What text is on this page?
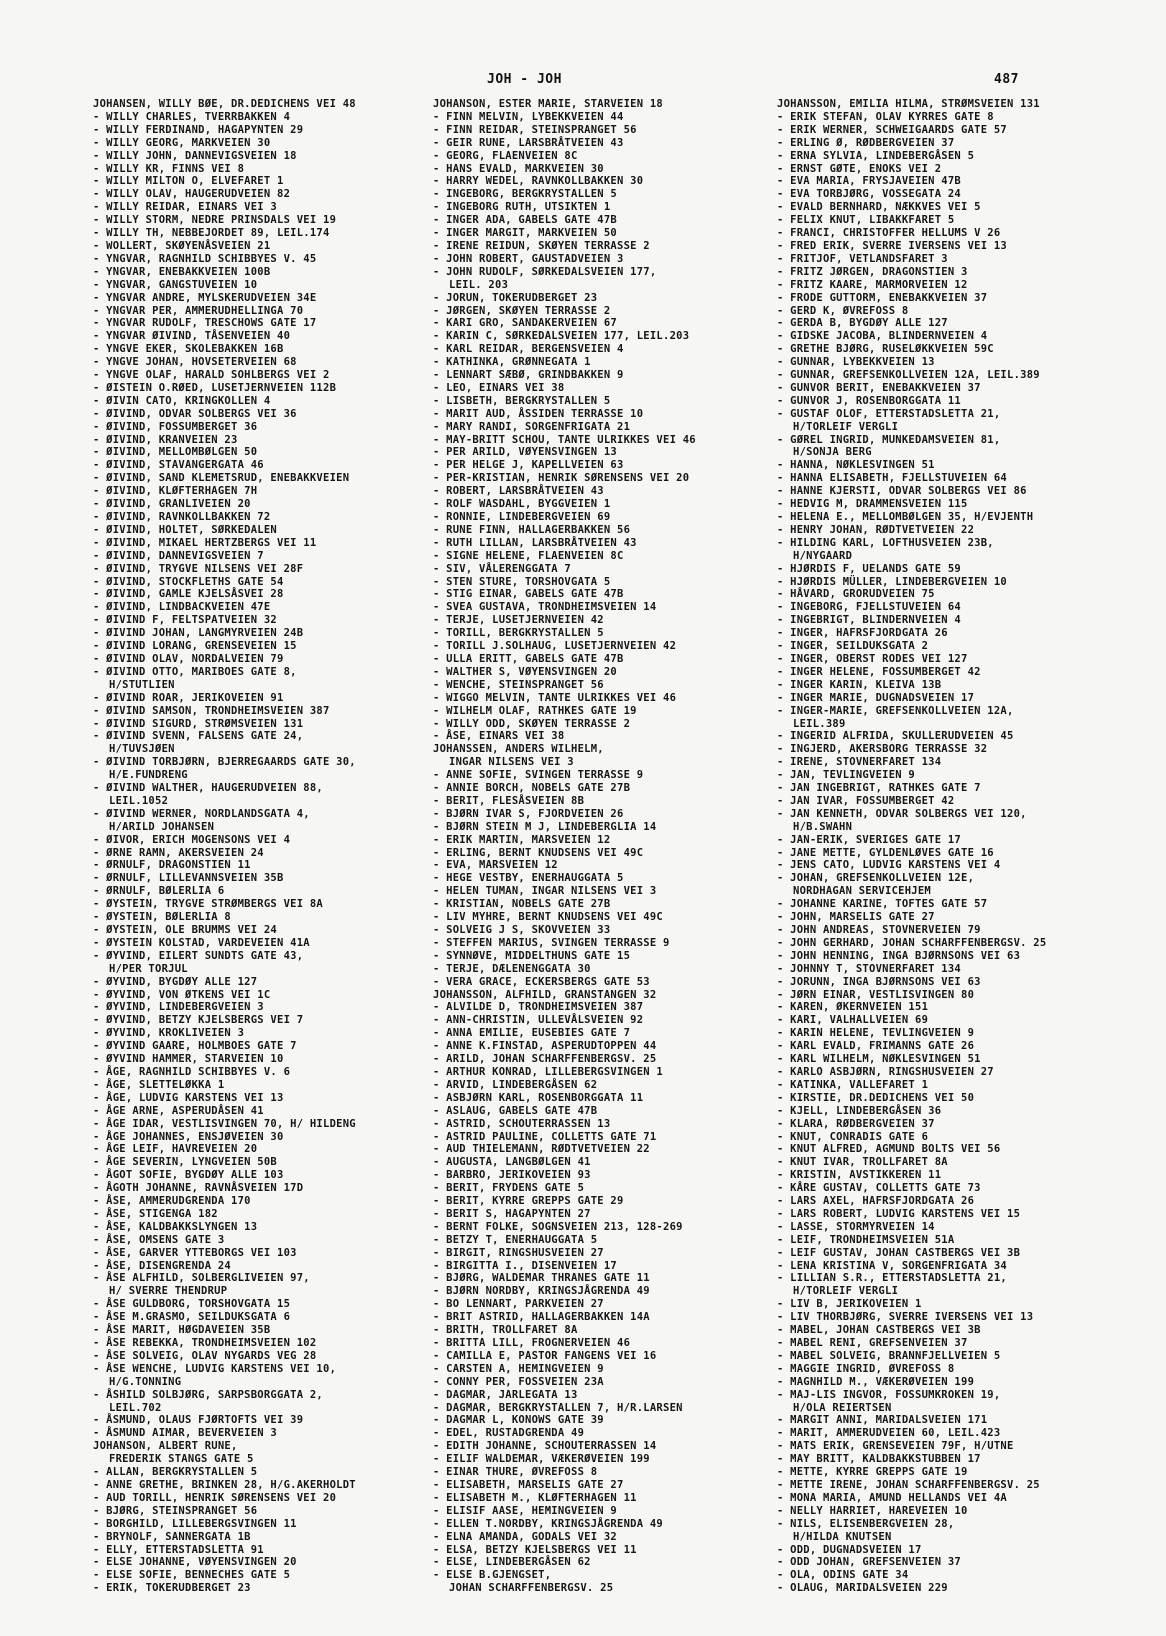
JOH - JOH	487
JOHANSEN, WILLY BØE, DR.DEDICHENS VEI 48
- WILLY CHARLES, TVERRBAKKEN 4
- WILLY FERDINAND, HAGAPYNTEN 29
- WILLY GEORG, MARKVEIEN 30
- WILLY JOHN, DANNEVIGSVEIEN 18
- WILLY KR, FINNS VEI 8
- WILLY MILTON O, ELVEFARET 1
- WILLY OLAV, HAUGERUDVEIEN 82
- WILLY REIDAR, EINARS VEI 3
- WILLY STORM, NEDRE PRINSDALS VEI 19
- WILLY TH, NEBBEJORDET 89, LEIL.174
- WOLLERT, SKØYENÅSVEIEN 21
- YNGVAR, RAGNHILD SCHIBBYES V. 45
- YNGVAR, ENEBAKKVEIEN 100B
- YNGVAR, GANGSTUVEIEN 10
- YNGVAR ANDRE, MYLSKERUDVEIEN 34E
- YNGVAR PER, AMMERUDHELLINGA 70
- YNGVAR RUDOLF, TRESCHOWS GATE 17
- YNGVAR ØIVIND, TÅSENVEIEN 40
- YNGVE EKER, SKOLEBAKKEN 16B
- YNGVE JOHAN, HOVSETERVEIEN 68
- YNGVE OLAF, HARALD SOHLBERGS VEI 2
- ØISTEIN O.RØED, LUSETJERNVEIEN 112B
- ØIVIN CATO, KRINGKOLLEN 4
- ØIVIND, ODVAR SOLBERGS VEI 36
- ØIVIND, FOSSUMBERGET 36
- ØIVIND, KRANVEIEN 23
- ØIVIND, MELLOMBØLGEN 50
- ØIVIND, STAVANGERGATA 46
- ØIVIND, SAND KLEMETSRUD, ENEBAKKVEIEN
- ØIVIND, KLØFTERHAGEN 7H
- ØIVIND, GRANLIVEIEN 20
- ØIVIND, RAVNKOLLBAKKEN 72
- ØIVIND, HOLTET, SØRKEDALEN
- ØIVIND, MIKAEL HERTZBERGS VEI 11
- ØIVIND, DANNEVIGSVEIEN 7
- ØIVIND, TRYGVE NILSENS VEI 28F
- ØIVIND, STOCKFLETHS GATE 54
- ØIVIND, GAMLE KJELSÅSVEI 28
- ØIVIND, LINDBACKVEIEN 47E
- ØIVIND F, FELTSPATVEIEN 32
- ØIVIND JOHAN, LANGMYRVEIEN 24B
- ØIVIND LORANG, GRENSEVEIEN 15
- ØIVIND OLAV, NORDALVEIEN 79
- ØIVIND OTTO, MARIBOES GATE 8,
H/STUTLIEN
- ØIVIND ROAR, JERIKOVEIEN 91
- ØIVIND SAMSON, TRONDHEIMSVEIEN 387
- ØIVIND SIGURD, STRØMSVEIEN 131
- ØIVIND SVENN, FALSENS GATE 24,
H/TUVSJØEN
- ØIVIND TORBJØRN, BJERREGAARDS GATE 30,
H/E.FUNDRENG
- ØIVIND WALTHER, HAUGERUDVEIEN 88,
LEIL.1052
- ØIVIND WERNER, NORDLANDSGATA 4,
H/ARILD JOHANSEN
- ØIVOR, ERICH MOGENSONS VEI 4
- ØRNE RAMN, AKERSVEIEN 24
- ØRNULF, DRAGONSTIEN 11
- ØRNULF, LILLEVANNSVEIEN 35B
- ØRNULF, BØLERLIA 6
- ØYSTEIN, TRYGVE STRØMBERGS VEI 8A
- ØYSTEIN, BØLERLIA 8
- ØYSTEIN, OLE BRUMMS VEI 24
- ØYSTEIN KOLSTAD, VARDEVEIEN 41A
- ØYVIND, EILERT SUNDTS GATE 43,
H/PER TORJUL
- ØYVIND, BYGDØY ALLE 127
- ØYVIND, VON ØTKENS VEI 1C
- ØYVIND, LINDEBERGVEIEN 3
- ØYVIND, BETZY KJELSBERGS VEI 7
- ØYVIND, KROKLIVEIEN 3
- ØYVIND GAARE, HOLMBOES GATE 7
- ØYVIND HAMMER, STARVEIEN 10
- ÅGE, RAGNHILD SCHIBBYES V. 6
- ÅGE, SLETTELØKKA 1
- ÅGE, LUDVIG KARSTENS VEI 13
- ÅGE ARNE, ASPERUDÅSEN 41
- ÅGE IDAR, VESTLISVINGEN 70, H/ HILDENG
- ÅGE JOHANNES, ENSJØVEIEN 30
- ÅGE LEIF, HAVREVEIEN 20
- ÅGE SEVERIN, LYNGVEIEN 50B
- ÅGOT SOFIE, BYGDØY ALLE 103
- ÅGOTH JOHANNE, RAVNÅSVEIEN 17D
- ÅSE, AMMERUDGRENDA 170
- ÅSE, STIGENGA 182
- ÅSE, KALDBAKKSLYNGEN 13
- ÅSE, OMSENS GATE 3
- ÅSE, GARVER YTTEBORGS VEI 103
- ÅSE, DISENGRENDA 24
- ÅSE ALFHILD, SOLBERGLIVEIEN 97,
H/ SVERRE THENDRUP
- ÅSE GULDBORG, TORSHOVGATA 15
- ÅSE M.GRASMO, SEILDUKSGATA 6
- ÅSE MARIT, HØGDAVEIEN 35B
- ÅSE REBEKKA, TRONDHEIMSVEIEN 102
- ÅSE SOLVEIG, OLAV NYGARDS VEG 28
- ÅSE WENCHE, LUDVIG KARSTENS VEI 10,
H/G.TONNING
- ÅSHILD SOLBJØRG, SARPSBORGGATA 2,
LEIL.702
- ÅSMUND, OLAUS FJØRTOFTS VEI 39
- ÅSMUND AIMAR, BEVERVEIEN 3
JOHANSON, ALBERT RUNE,
FREDERIK STANGS GATE 5
- ALLAN, BERGKRYSTALLEN 5
- ANNE GRETHE, BRINKEN 28, H/G.AKERHOLDT
- AUD TORILL, HENRIK SØRENSENS VEI 20
- BJØRG, STEINSPRANGET 56
- BORGHILD, LILLEBERGSVINGEN 11
- BRYNOLF, SANNERGATA 1B
- ELLY, ETTERSTADSLETTA 91
- ELSE JOHANNE, VØYENSVINGEN 20
- ELSE SOFIE, BENNECHES GATE 5
- ERIK, TOKERUDBERGET 23
JOHANSON, ESTER MARIE, STARVEIEN 18
- FINN MELVIN, LYBEKKVEIEN 44
- FINN REIDAR, STEINSPRANGET 56
- GEIR RUNE, LARSBRÅTVEIEN 43
- GEORG, FLAENVEIEN 8C
- HANS EVALD, MARKVEIEN 30
- HARRY WEDEL, RAVNKOLLBAKKEN 30
- INGEBORG, BERGKRYSTALLEN 5
- INGEBORG RUTH, UTSIKTEN 1
- INGER ADA, GABELS GATE 47B
- INGER MARGIT, MARKVEIEN 50
- IRENE REIDUN, SKØYEN TERRASSE 2
- JOHN ROBERT, GAUSTADVEIEN 3
- JOHN RUDOLF, SØRKEDALSVEIEN 177,
LEIL. 203
- JORUN, TOKERUDBERGET 23
- JØRGEN, SKØYEN TERRASSE 2
- KARI GRO, SANDAKERVEIEN 67
- KARIN C, SØRKEDALSVEIEN 177, LEIL.203
- KARL REIDAR, BERGENSVEIEN 4
- KATHINKA, GRØNNEGATA 1
- LENNART SÆBØ, GRINDBAKKEN 9
- LEO, EINARS VEI 38
- LISBETH, BERGKRYSTALLEN 5
- MARIT AUD, ÅSSIDEN TERRASSE 10
- MARY RANDI, SORGENFRIGATA 21
- MAY-BRITT SCHOU, TANTE ULRIKKES VEI 46
- PER ARILD, VØYENSVINGEN 13
- PER HELGE J, KAPELLVEIEN 63
- PER-KRISTIAN, HENRIK SØRENSENS VEI 20
- ROBERT, LARSBRÅTVEIEN 43
- ROLF WASDAHL, BYGGVEIEN 1
- RONNIE, LINDEBERGVEIEN 69
- RUNE FINN, HALLAGERBAKKEN 56
- RUTH LILLAN, LARSBRÅTVEIEN 43
- SIGNE HELENE, FLAENVEIEN 8C
- SIV, VÅLERENGGATA 7
- STEN STURE, TORSHOVGATA 5
- STIG EINAR, GABELS GATE 47B
- SVEA GUSTAVA, TRONDHEIMSVEIEN 14
- TERJE, LUSETJERNVEIEN 42
- TORILL, BERGKRYSTALLEN 5
- TORILL J.SOLHAUG, LUSETJERNVEIEN 42
- ULLA ERITT, GABELS GATE 47B
- WALTHER S, VØYENSVINGEN 20
- WENCHE, STEINSPRANGET 56
- WIGGO MELVIN, TANTE ULRIKKES VEI 46
- WILHELM OLAF, RATHKES GATE 19
- WILLY ODD, SKØYEN TERRASSE 2
- ÅSE, EINARS VEI 38
JOHANSSEN, ANDERS WILHELM,
INGAR NILSENS VEI 3
- ANNE SOFIE, SVINGEN TERRASSE 9
- ANNIE BORCH, NOBELS GATE 27B
- BERIT, FLESÅSVEIEN 8B
- BJØRN IVAR S, FJORDVEIEN 26
- BJØRN STEIN M J, LINDEBERGLIA 14
- ERIK MARTIN, MARSVEIEN 12
- ERLING, BERNT KNUDSENS VEI 49C
- EVA, MARSVEIEN 12
- HEGE VESTBY, ENERHAUGGATA 5
- HELEN TUMAN, INGAR NILSENS VEI 3
- KRISTIAN, NOBELS GATE 27B
- LIV MYHRE, BERNT KNUDSENS VEI 49C
- SOLVEIG J S, SKOVVEIEN 33
- STEFFEN MARIUS, SVINGEN TERRASSE 9
- SYNNØVE, MIDDELTHUNS GATE 15
- TERJE, DÆLENENGGATA 30
- VERA GRACE, ECKERSBERGS GATE 53
JOHANSSON, ALFHILD, GRANSTANGEN 32
- ALVILDE D, TRONDHEIMSVEIEN 387
- ANN-CHRISTIN, ULLEVÅLSVEIEN 92
- ANNA EMILIE, EUSEBIES GATE 7
- ANNE K.FINSTAD, ASPERUDTOPPEN 44
- ARILD, JOHAN SCHARFFENBERGSV. 25
- ARTHUR KONRAD, LILLEBERGSVINGEN 1
- ARVID, LINDEBERGÅSEN 62
- ASBJØRN KARL, ROSENBORGGATA 11
- ASLAUG, GABELS GATE 47B
- ASTRID, SCHOUTERRASSEN 13
- ASTRID PAULINE, COLLETTS GATE 71
- AUD THIELEMANN, RØDTVETVEIEN 22
- AUGUSTA, LANGBØLGEN 41
- BARBRO, JERIKOVEIEN 93
- BERIT, FRYDENS GATE 5
- BERIT, KYRRE GREPPS GATE 29
- BERIT S, HAGAPYNTEN 27
- BERNT FOLKE, SOGNSVEIEN 213, 128-269
- BETZY T, ENERHAUGGATA 5
- BIRGIT, RINGSHUSVEIEN 27
- BIRGITTA I., DISENVEIEN 17
- BJØRG, WALDEMAR THRANES GATE 11
- BJØRN NORDBY, KRINGSJÅGRENDA 49
- BO LENNART, PARKVEIEN 27
- BRIT ASTRID, HALLAGERBAKKEN 14A
- BRITH, TROLLFARET 8A
- BRITTA LILL, FROGNERVEIEN 46
- CAMILLA E, PASTOR FANGENS VEI 16
- CARSTEN A, HEMINGVEIEN 9
- CONNY PER, FOSSVEIEN 23A
- DAGMAR, JARLEGATA 13
- DAGMAR, BERGKRYSTALLEN 7, H/R.LARSEN
- DAGMAR L, KONOWS GATE 39
- EDEL, RUSTADGRENDA 49
- EDITH JOHANNE, SCHOUTERRASSEN 14
- EILIF WALDEMAR, VÆKERØVEIEN 199
- EINAR THURE, ØVREFOSS 8
- ELISABETH, MARSELIS GATE 27
- ELISABETH M., KLØFTERHAGEN 11
- ELISIF AASE, HEMINGVEIEN 9
- ELLEN T.NORDBY, KRINGSJÅGRENDA 49
- ELNA AMANDA, GODALS VEI 32
- ELSA, BETZY KJELSBERGS VEI 11
- ELSE, LINDEBERGÅSEN 62
- ELSE B.GJENGSET,
JOHAN SCHARFFENBERGSV. 25
JOHANSSON, EMILIA HILMA, STRØMSVEIEN 131
- ERIK STEFAN, OLAV KYRRES GATE 8
- ERIK WERNER, SCHWEIGAARDS GATE 57
- ERLING Ø, RØDBERGVEIEN 37
- ERNA SYLVIA, LINDEBERGÅSEN 5
- ERNST GØTE, ENOKS VEI 2
- EVA MARIA, FRYSJAVEIEN 47B
- EVA TORBJØRG, VOSSEGATA 24
- EVALD BERNHARD, NÆKKVES VEI 5
- FELIX KNUT, LIBAKKFARET 5
- FRANCI, CHRISTOFFER HELLUMS V 26
- FRED ERIK, SVERRE IVERSENS VEI 13
- FRITJOF, VETLANDSFARET 3
- FRITZ JØRGEN, DRAGONSTIEN 3
- FRITZ KAARE, MARMORVEIEN 12
- FRODE GUTTORM, ENEBAKKVEIEN 37
- GERD K, ØVREFOSS 8
- GERDA B, BYGDØY ALLE 127
- GIDSKE JACOBA, BLINDERNVEIEN 4
- GRETHE BJØRG, RUSELØKKVEIEN 59C
- GUNNAR, LYBEKKVEIEN 13
- GUNNAR, GREFSENKOLLVEIEN 12A, LEIL.389
- GUNVOR BERIT, ENEBAKKVEIEN 37
- GUNVOR J, ROSENBORGGATA 11
- GUSTAF OLOF, ETTERSTADSLETTA 21,
H/TORLEIF VERGLI
- GØREL INGRID, MUNKEDAMSVEIEN 81,
H/SONJA BERG
- HANNA, NØKLESVINGEN 51
- HANNA ELISABETH, FJELLSTUVEIEN 64
- HANNE KJERSTI, ODVAR SOLBERGS VEI 86
- HEDVIG M, DRAMMENSVEIEN 115
- HELENA E., MELLOMBØLGEN 35, H/EVJENTH
- HENRY JOHAN, RØDTVETVEIEN 22
- HILDING KARL, LOFTHUSVEIEN 23B,
H/NYGAARD
- HJØRDIS F, UELANDS GATE 59
- HJØRDIS MÜLLER, LINDEBERGVEIEN 10
- HÅVARD, GRORUDVEIEN 75
- INGEBORG, FJELLSTUVEIEN 64
- INGEBRIGT, BLINDERNVEIEN 4
- INGER, HAFRSFJORDGATA 26
- INGER, SEILDUKSGATA 2
- INGER, OBERST RODES VEI 127
- INGER HELENE, FOSSUMBERGET 42
- INGER KARIN, KLEIVA 13B
- INGER MARIE, DUGNADSVEIEN 17
- INGER-MARIE, GREFSENKOLLVEIEN 12A,
LEIL.389
- INGERID ALFRIDA, SKULLERUDVEIEN 45
- INGJERD, AKERSBORG TERRASSE 32
- IRENE, STOVNERFARET 134
- JAN, TEVLINGVEIEN 9
- JAN INGEBRIGT, RATHKES GATE 7
- JAN IVAR, FOSSUMBERGET 42
- JAN KENNETH, ODVAR SOLBERGS VEI 120,
H/B.SWAHN
- JAN-ERIK, SVERIGES GATE 17
- JANE METTE, GYLDENLØVES GATE 16
- JENS CATO, LUDVIG KARSTENS VEI 4
- JOHAN, GREFSENKOLLVEIEN 12E,
NORDHAGAN SERVICEHJEM
- JOHANNE KARINE, TOFTES GATE 57
- JOHN, MARSELIS GATE 27
- JOHN ANDREAS, STOVNERVEIEN 79
- JOHN GERHARD, JOHAN SCHARFFENBERGSV. 25
- JOHN HENNING, INGA BJØRNSONS VEI 63
- JOHNNY T, STOVNERFARET 134
- JORUNN, INGA BJØRNSONS VEI 63
- JØRN EINAR, VESTLISVINGEN 80
- KAREN, ØKERNVEIEN 151
- KARI, VALHALLVEIEN 69
- KARIN HELENE, TEVLINGVEIEN 9
- KARL EVALD, FRIMANNS GATE 26
- KARL WILHELM, NØKLESVINGEN 51
- KARLO ASBJØRN, RINGSHUSVEIEN 27
- KATINKA, VALLEFARET 1
- KIRSTIE, DR.DEDICHENS VEI 50
- KJELL, LINDEBERGÅSEN 36
- KLARA, RØDBERGVEIEN 37
- KNUT, CONRADIS GATE 6
- KNUT ALFRED, AGMUND BOLTS VEI 56
- KNUT IVAR, TROLLFARET 8A
- KRISTIN, AVSTIKKEREN 11
- KÅRE GUSTAV, COLLETTS GATE 73
- LARS AXEL, HAFRSFJORDGATA 26
- LARS ROBERT, LUDVIG KARSTENS VEI 15
- LASSE, STORMYRVEIEN 14
- LEIF, TRONDHEIMSVEIEN 51A
- LEIF GUSTAV, JOHAN CASTBERGS VEI 3B
- LENA KRISTINA V, SORGENFRIGATA 34
- LILLIAN S.R., ETTERSTADSLETTA 21,
H/TORLEIF VERGLI
- LIV B, JERIKOVEIEN 1
- LIV THORBJØRG, SVERRE IVERSENS VEI 13
- MABEL, JOHAN CASTBERGS VEI 3B
- MABEL RENI, GREFSENVEIEN 37
- MABEL SOLVEIG, BRANNFJELLVEIEN 5
- MAGGIE INGRID, ØVREFOSS 8
- MAGNHILD M., VÆKERØVEIEN 199
- MAJ-LIS INGVOR, FOSSUMKROKEN 19,
H/OLA REIERTSEN
- MARGIT ANNI, MARIDALSVEIEN 171
- MARIT, AMMERUDVEIEN 60, LEIL.423
- MATS ERIK, GRENSEVEIEN 79F, H/UTNE
- MAY BRITT, KALDBAKKSTUBBEN 17
- METTE, KYRRE GREPPS GATE 19
- METTE IRENE, JOHAN SCHARFFENBERGSV. 25
- MONA MARIA, AMUND HELLANDS VEI 4A
- NELLY HARRIET, HAREVEIEN 10
- NILS, ELISENBERGVEIEN 28,
H/HILDA KNUTSEN
- ODD, DUGNADSVEIEN 17
- ODD JOHAN, GREFSENVEIEN 37
- OLA, ODINS GATE 34
- OLAUG, MARIDALSVEIEN 229
